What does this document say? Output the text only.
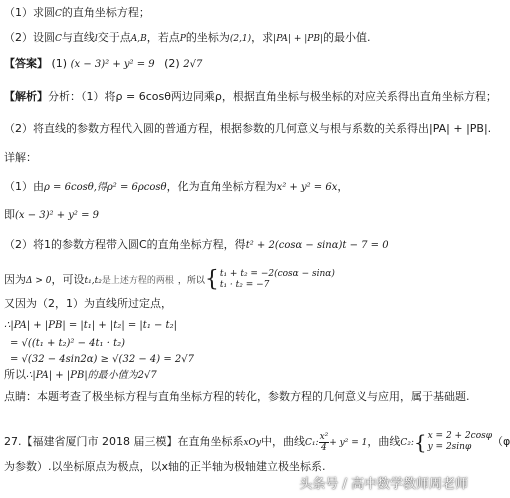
（1）求圆C的直角坐标方程；
（2）设圆C与直线l交于点A,B，若点P的坐标为(2,1)，求|PA| + |PB|的最小值.
【答案】 (1) (x − 3)² + y² = 9 (2) 2√7
【解析】分析：（1）将ρ = 6cosθ两边同乘ρ，根据直角坐标与极坐标的对应关系得出直角坐标方程；
（2）将直线的参数方程代入圆的普通方程，根据参数的几何意义与根与系数的关系得出|PA| + |PB|.
详解：
（1）由ρ = 6cosθ,得ρ² = 6ρcosθ，化为直角坐标方程为x² + y² = 6x，
即(x − 3)² + y² = 9
（2）将1的参数方程带入圆C的直角坐标方程，得t² + 2(cosα − sinα)t − 7 = 0
因为Δ > 0，可设t₁,t₂是上述方程的两根 ，所以{ t₁ + t₂ = −2(cosα − sinα)
t₁ · t₂ = −7
又因为（2，1）为直线所过定点，
∴|PA| + |PB| = |t₁| + |t₂| = |t₁ − t₂|
= √((t₁ + t₂)² − 4t₁ · t₂)
= √(32 − 4sin2α) ≥ √(32 − 4) = 2√7
所以∴|PA| + |PB|的最小值为2√7
点睛：本题考查了极坐标方程与直角坐标方程的转化，参数方程的几何意义与应用，属于基础题.
27.【福建省厦门市 2018 届三模】在直角坐标系xOy中，曲线C₁: $\frac{\text{x²}}{4} + y^2 = 1$，曲线C₂:{ x = 2 + 2cosφ
y = 2sinφ	（φ
为参数）.以坐标原点为极点，以x轴的正半轴为极轴建立极坐标系.
头条号 / 高中数学教师周老师
